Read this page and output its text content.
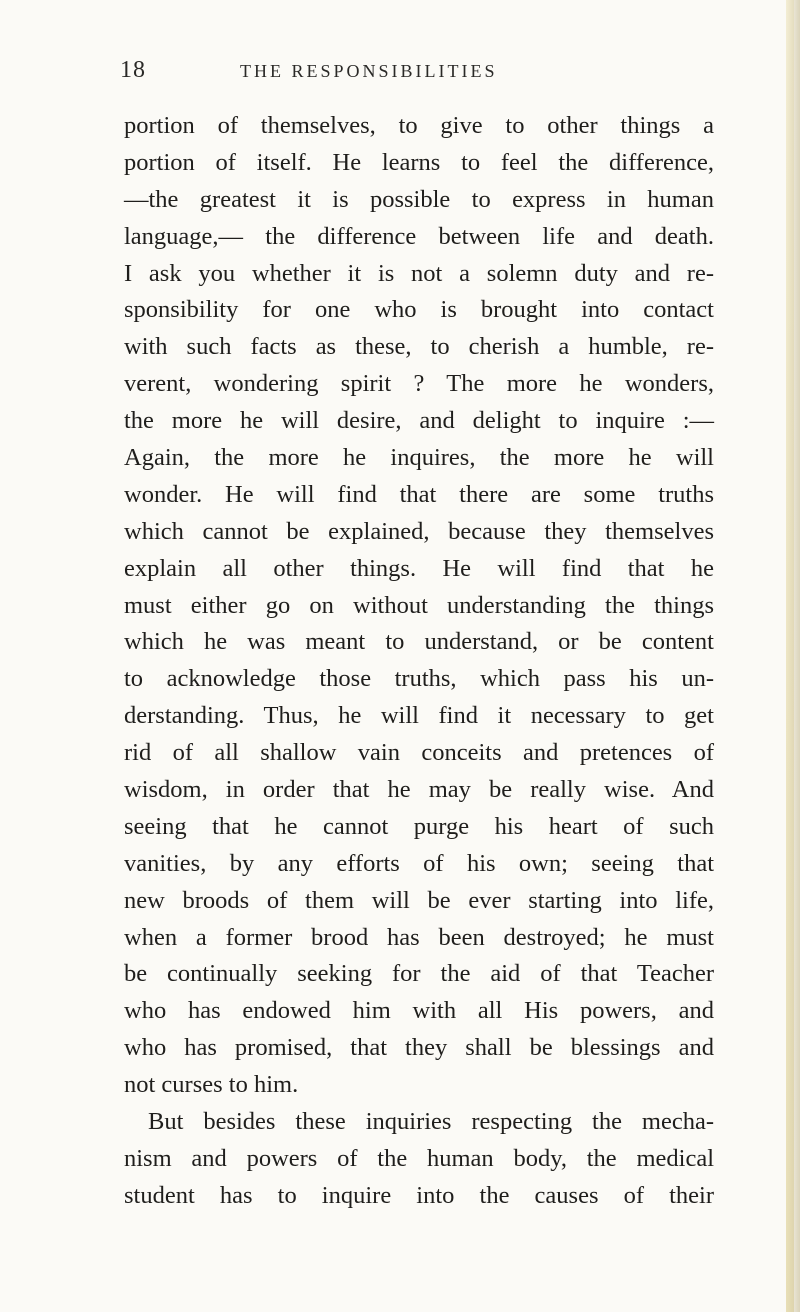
18	THE RESPONSIBILITIES
portion of themselves, to give to other things a
portion of itself. He learns to feel the difference,
—the greatest it is possible to express in human
language,— the difference between life and death.
I ask you whether it is not a solemn duty and re-
sponsibility for one who is brought into contact
with such facts as these, to cherish a humble, re-
verent, wondering spirit ? The more he wonders,
the more he will desire, and delight to inquire :—
Again, the more he inquires, the more he will
wonder. He will find that there are some truths
which cannot be explained, because they themselves
explain all other things. He will find that he
must either go on without understanding the things
which he was meant to understand, or be content
to acknowledge those truths, which pass his un-
derstanding. Thus, he will find it necessary to get
rid of all shallow vain conceits and pretences of
wisdom, in order that he may be really wise. And
seeing that he cannot purge his heart of such
vanities, by any efforts of his own; seeing that
new broods of them will be ever starting into life,
when a former brood has been destroyed; he must
be continually seeking for the aid of that Teacher
who has endowed him with all His powers, and
who has promised, that they shall be blessings and
not curses to him.
But besides these inquiries respecting the mecha-
nism and powers of the human body, the medical
student has to inquire into the causes of their
